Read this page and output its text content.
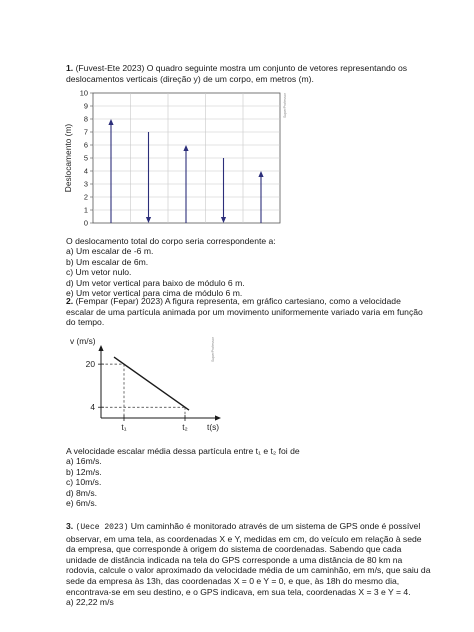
1. (Fuvest-Ete 2023) O quadro seguinte mostra um conjunto de vetores representando os
deslocamentos verticais (direção y) de um corpo, em metros (m).
0
1
2
3
4
5
6
7
8
9
10
Deslocamento (m)
SuperProfessor
O deslocamento total do corpo seria correspondente a:
a) Um escalar de -6 m.
b) Um escalar de 6m.
c) Um vetor nulo.
d) Um vetor vertical para baixo de módulo 6 m.
e) Um vetor vertical para cima de módulo 6 m.
2. (Fempar (Fepar) 2023) A figura representa, em gráfico cartesiano, como a velocidade
escalar de uma partícula animada por um movimento uniformemente variado varia em função
do tempo.
v (m/s)
t(s)
SuperProfessor
20
4
t₁	t₂
A velocidade escalar média dessa partícula entre t₁ e t₂ foi de
a) 16m/s.
b) 12m/s.
c) 10m/s.
d) 8m/s.
e) 6m/s.
3. (Uece 2023) Um caminhão é monitorado através de um sistema de GPS onde é possível
observar, em uma tela, as coordenadas X e Y, medidas em cm, do veículo em relação à sede
da empresa, que corresponde à origem do sistema de coordenadas. Sabendo que cada
unidade de distância indicada na tela do GPS corresponde a uma distância de 80 km na
rodovia, calcule o valor aproximado da velocidade média de um caminhão, em m/s, que saiu da
sede da empresa às 13h, das coordenadas X = 0 e Y = 0, e que, às 18h do mesmo dia,
encontrava-se em seu destino, e o GPS indicava, em sua tela, coordenadas X = 3 e Y = 4.
a) 22,22 m/s
